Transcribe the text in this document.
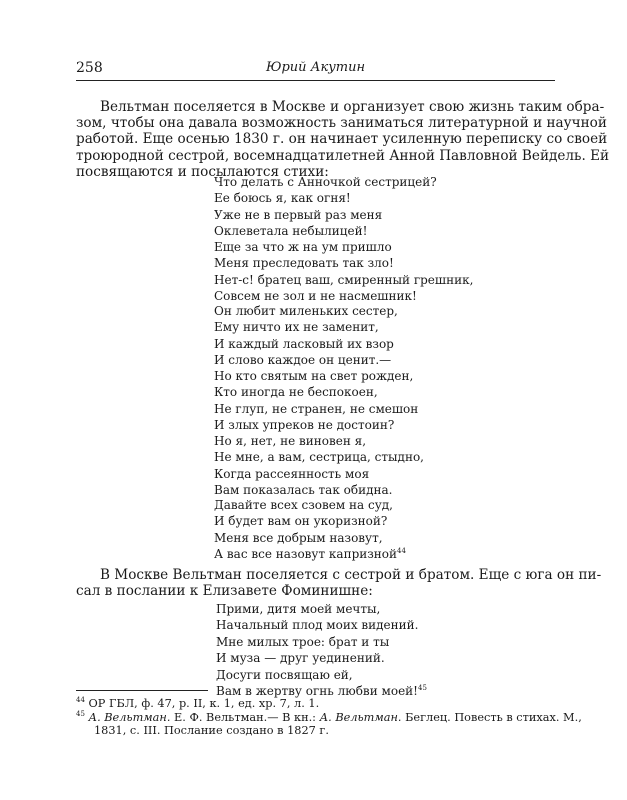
258	Юрий Акутин
Вельтман поселяется в Москве и организует свою жизнь таким обра-
зом, чтобы она давала возможность заниматься литературной и научной
работой. Еще осенью 1830 г. он начинает усиленную переписку со своей
троюродной сестрой, восемнадцатилетней Анной Павловной Вейдель. Ей
посвящаются и посылаются стихи:
Что делать с Анночкой сестрицей?
Ее боюсь я, как огня!
Уже не в первый раз меня
Оклеветала небылицей!
Еще за что ж на ум пришло
Меня преследовать так зло!
Нет-с! братец ваш, смиренный грешник,
Совсем не зол и не насмешник!
Он любит миленьких сестер,
Ему ничто их не заменит,
И каждый ласковый их взор
И слово каждое он ценит.—
Но кто святым на свет рожден,
Кто иногда не беспокоен,
Не глуп, не странен, не смешон
И злых упреков не достоин?
Но я, нет, не виновен я,
Не мне, а вам, сестрица, стыдно,
Когда рассеянность моя
Вам показалась так обидна.
Давайте всех сзовем на суд,
И будет вам он укоризной?
Меня все добрым назовут,
А вас все назовут капризной$^{44}$
В Москве Вельтман поселяется с сестрой и братом. Еще с юга он пи-
сал в послании к Елизавете Фоминишне:
Прими, дитя моей мечты,
Начальный плод моих видений.
Мне милых трое: брат и ты
И муза — друг уединений.
Досуги посвящаю ей,
Вам в жертву огнь любви моей!$^{45}$
$^{44}$ ОР ГБЛ, ф. 47, р. II, к. 1, ед. хр. 7, л. 1.
$^{45}$ А. Вельтман. Е. Ф. Вельтман.— В кн.: А. Вельтман. Беглец. Повесть в стихах. М.,
1831, с. III. Послание создано в 1827 г.
